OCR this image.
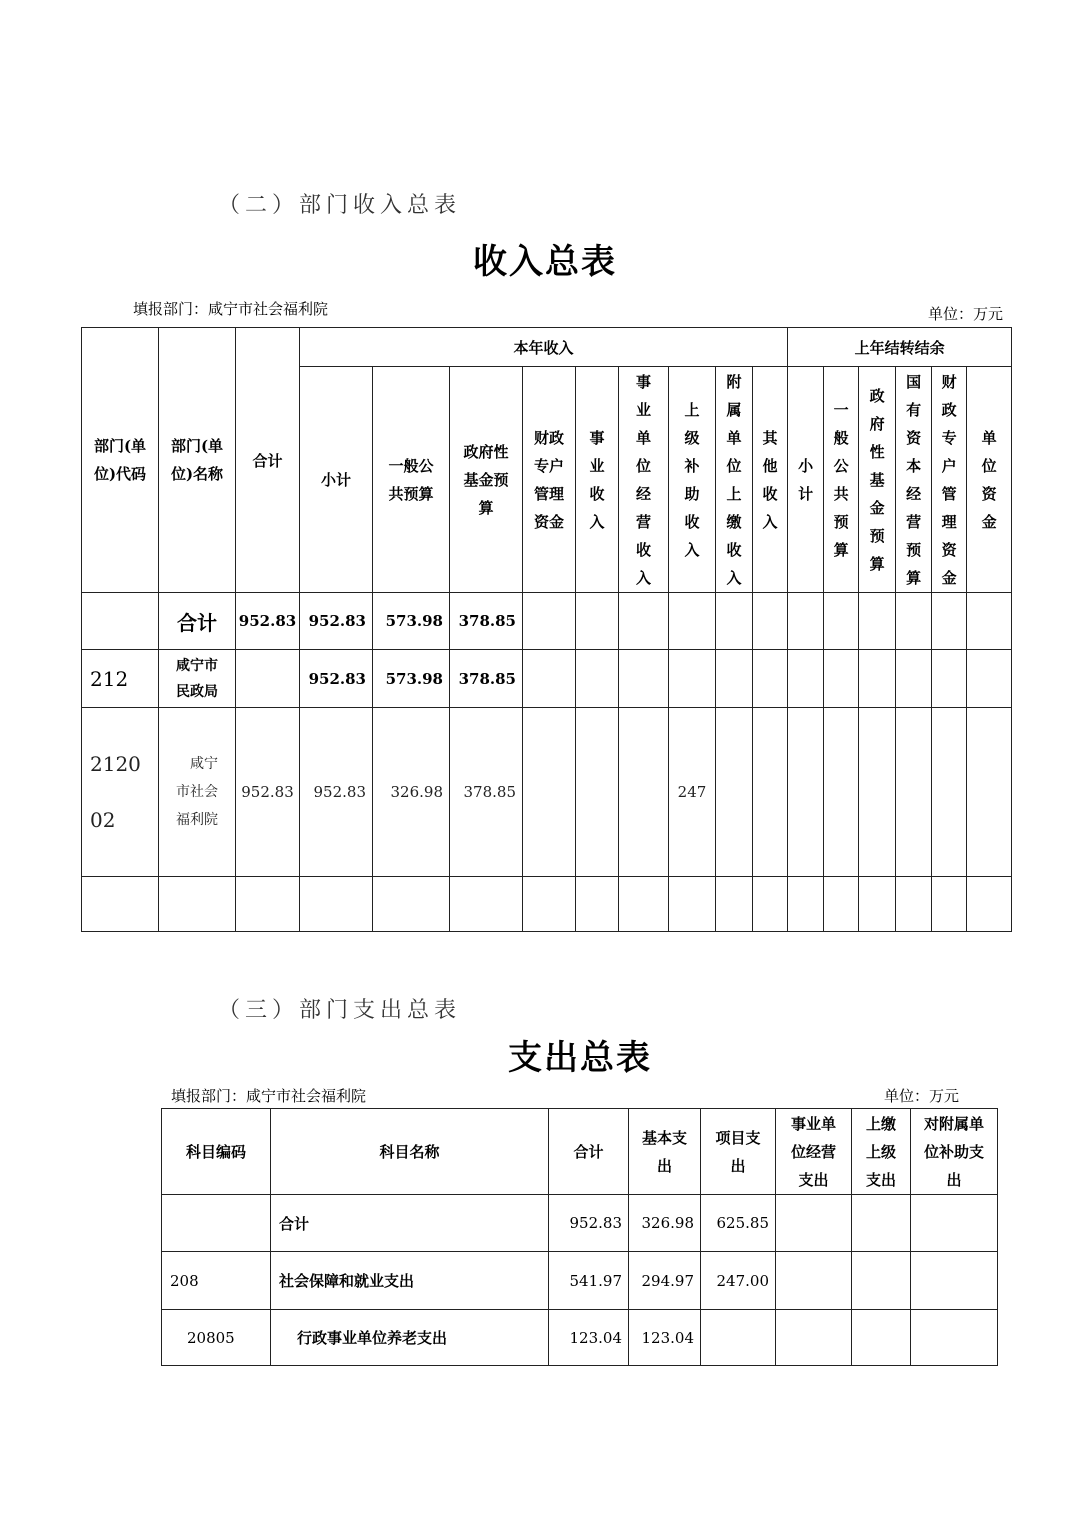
（二）部门收入总表
收入总表
填报部门：咸宁市社会福利院	单位：万元
部门(单位)代码	部门(单位)名称	合计	本年收入									上年结转结余					
			小计	一般公共预算	政府性基金预算	财政专户管理资金	事业收入	事业单位经营收入	上级补助收入	附属单位上缴收入	其他收入	小计	一般公共预算	政府性基金预算	国有资本经营预算	财政专户管理资金	单位资金

	合计	952.83	952.83	573.98	378.85												
212	咸宁市民政局		952.83	573.98	378.85												

212002	咸宁市社会福利院	952.83	952.83	326.98	378.85				247								

（三）部门支出总表
支出总表
填报部门：咸宁市社会福利院	单位：万元
科目编码	科目名称	合计	基本支出	项目支出	事业单位经营支出	上缴上级支出	对附属单位补助支出

	合计	952.83	326.98	625.85			
208	社会保障和就业支出	541.97	294.97	247.00			
20805	行政事业单位养老支出	123.04	123.04				
